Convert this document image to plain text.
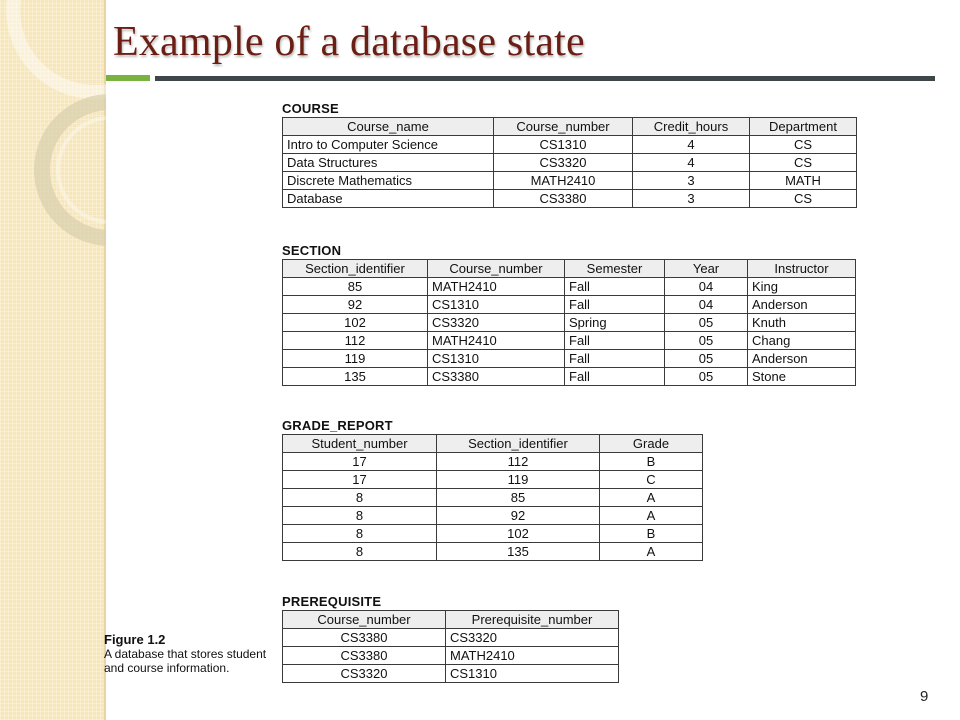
Example of a database state
COURSE
Course_name	Course_number	Credit_hours	Department
Intro to Computer Science	CS1310	4	CS
Data Structures	CS3320	4	CS
Discrete Mathematics	MATH2410	3	MATH
Database	CS3380	3	CS
SECTION
Section_identifier	Course_number	Semester	Year	Instructor
85	MATH2410	Fall	04	King
92	CS1310	Fall	04	Anderson
102	CS3320	Spring	05	Knuth
112	MATH2410	Fall	05	Chang
119	CS1310	Fall	05	Anderson
135	CS3380	Fall	05	Stone
GRADE_REPORT
Student_number	Section_identifier	Grade
17	112	B
17	119	C
8	85	A
8	92	A
8	102	B
8	135	A
PREREQUISITE
Course_number	Prerequisite_number
CS3380	CS3320
CS3380	MATH2410
CS3320	CS1310
Figure 1.2
A database that stores student and course information.
9
